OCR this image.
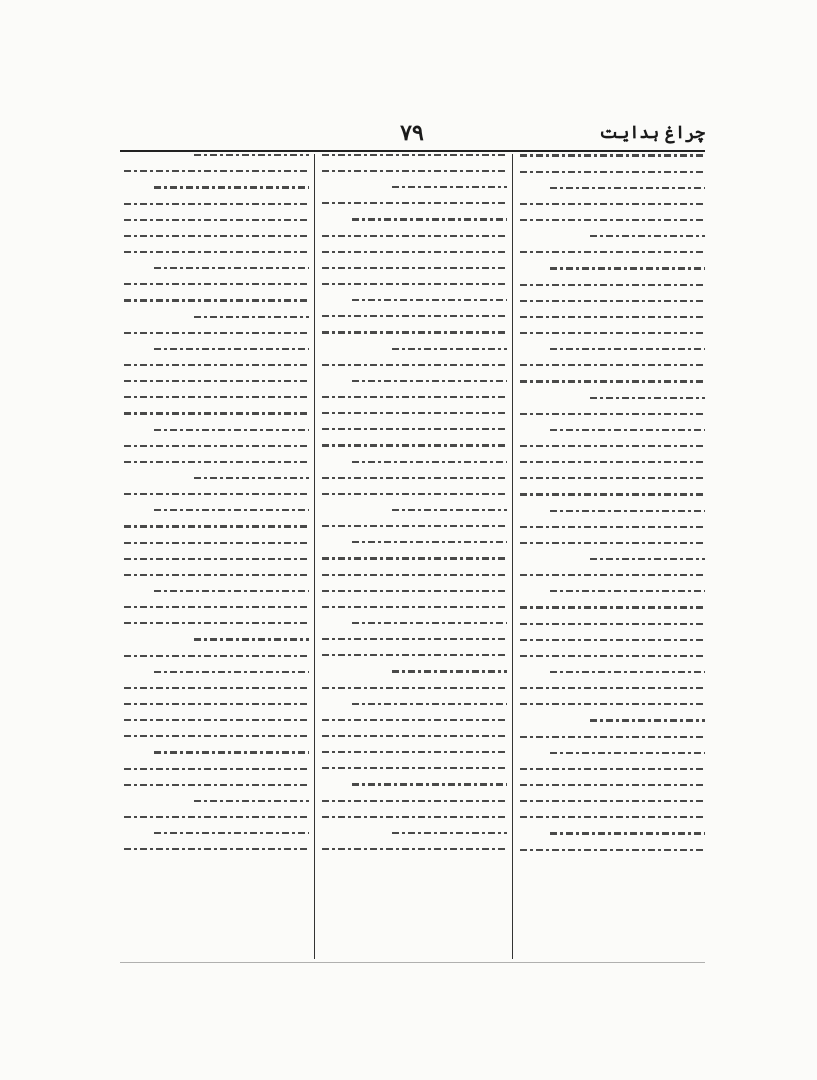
چراغ ہدایت
۷۹
